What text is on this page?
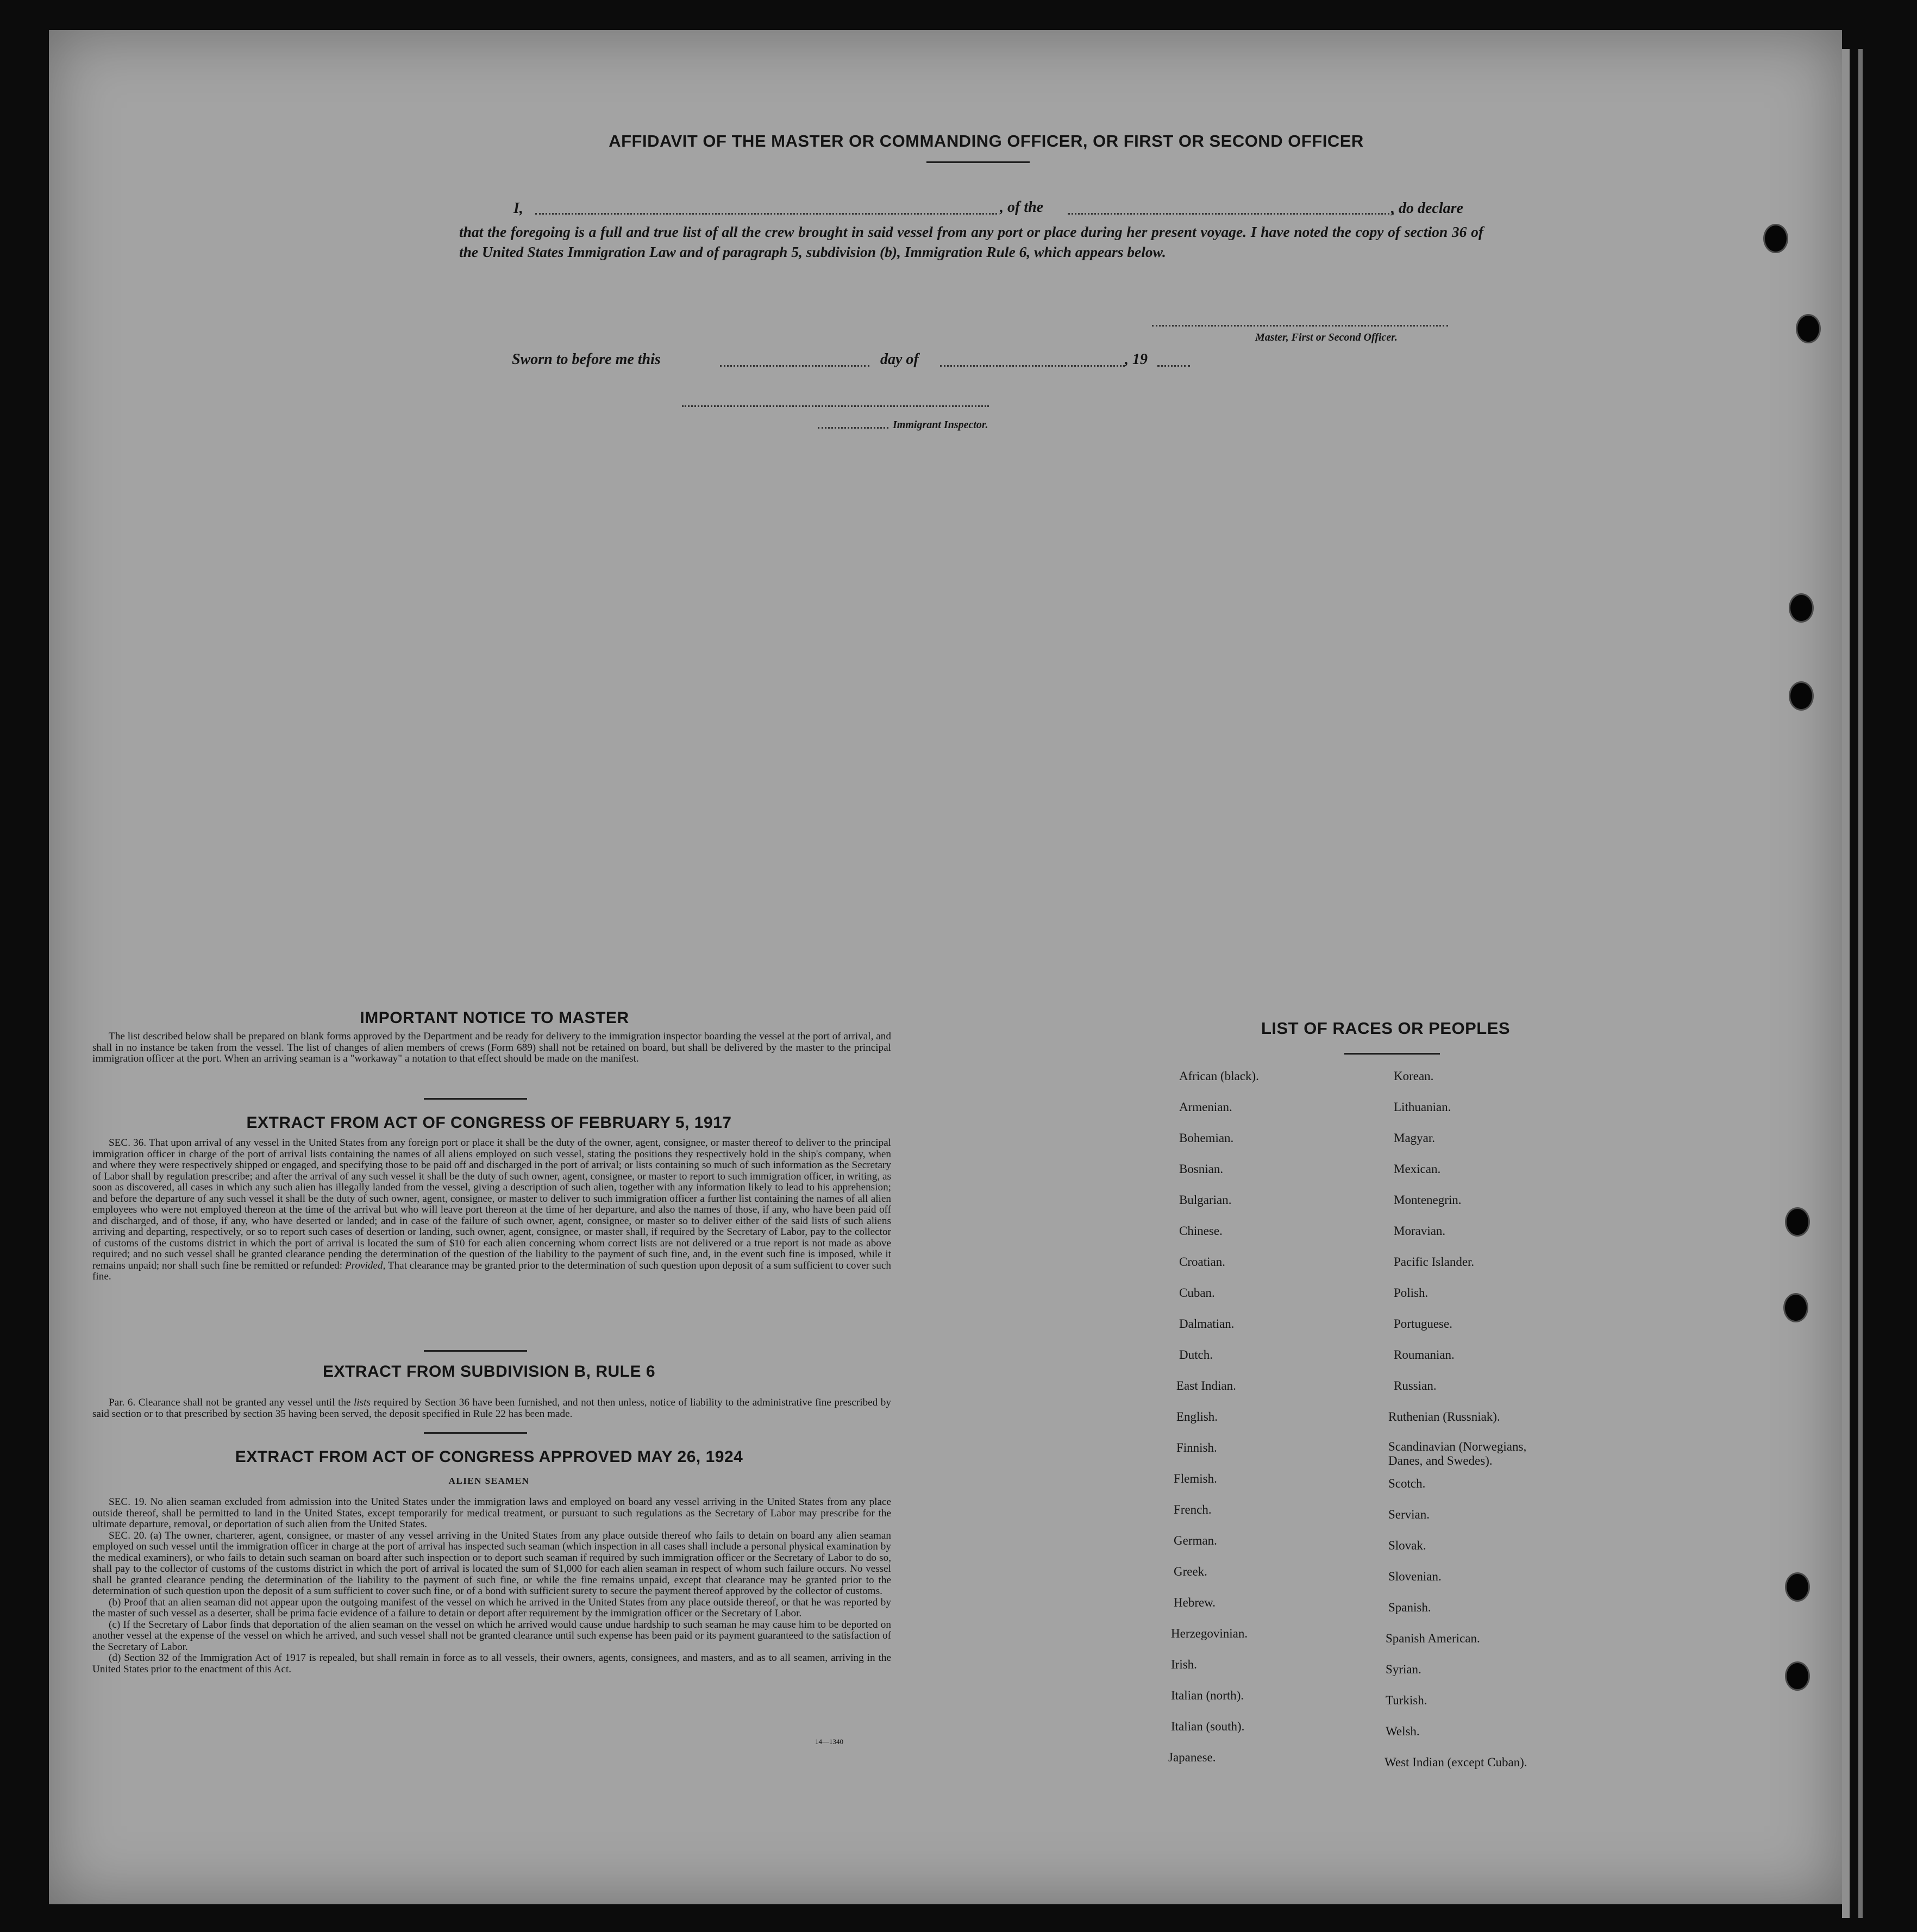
AFFIDAVIT OF THE MASTER OR COMMANDING OFFICER, OR FIRST OR SECOND OFFICER
I,	, of the	, do declare
that the foregoing is a full and true list of all the crew brought in said vessel from any port or place during her present voyage. I have noted the copy of section 36 of the United States Immigration Law and of paragraph 5, subdivision (b), Immigration Rule 6, which appears below.
Master, First or Second Officer.
Sworn to before me this	day of	, 19
Immigrant Inspector.
IMPORTANT NOTICE TO MASTER

The list described below shall be prepared on blank forms approved by the Department and be ready for delivery to the immigration inspector boarding the vessel at the port of arrival, and shall in no instance be taken from the vessel. The list of changes of alien members of crews (Form 689) shall not be retained on board, but shall be delivered by the master to the principal immigration officer at the port. When an arriving seaman is a "workaway" a notation to that effect should be made on the manifest.

EXTRACT FROM ACT OF CONGRESS OF FEBRUARY 5, 1917

SEC. 36. That upon arrival of any vessel in the United States from any foreign port or place it shall be the duty of the owner, agent, consignee, or master thereof to deliver to the principal immigration officer in charge of the port of arrival lists containing the names of all aliens employed on such vessel, stating the positions they respectively hold in the ship's company, when and where they were respectively shipped or engaged, and specifying those to be paid off and discharged in the port of arrival; or lists containing so much of such information as the Secretary of Labor shall by regulation prescribe; and after the arrival of any such vessel it shall be the duty of such owner, agent, consignee, or master to report to such immigration officer, in writing, as soon as discovered, all cases in which any such alien has illegally landed from the vessel, giving a description of such alien, together with any information likely to lead to his apprehension; and before the departure of any such vessel it shall be the duty of such owner, agent, consignee, or master to deliver to such immigration officer a further list containing the names of all alien employees who were not employed thereon at the time of the arrival but who will leave port thereon at the time of her departure, and also the names of those, if any, who have been paid off and discharged, and of those, if any, who have deserted or landed; and in case of the failure of such owner, agent, consignee, or master so to deliver either of the said lists of such aliens arriving and departing, respectively, or so to report such cases of desertion or landing, such owner, agent, consignee, or master shall, if required by the Secretary of Labor, pay to the collector of customs of the customs district in which the port of arrival is located the sum of $10 for each alien concerning whom correct lists are not delivered or a true report is not made as above required; and no such vessel shall be granted clearance pending the determination of the question of the liability to the payment of such fine, and, in the event such fine is imposed, while it remains unpaid; nor shall such fine be remitted or refunded: Provided, That clearance may be granted prior to the determination of such question upon deposit of a sum sufficient to cover such fine.

EXTRACT FROM SUBDIVISION B, RULE 6

Par. 6. Clearance shall not be granted any vessel until the lists required by Section 36 have been furnished, and not then unless, notice of liability to the administrative fine prescribed by said section or to that prescribed by section 35 having been served, the deposit specified in Rule 22 has been made.

EXTRACT FROM ACT OF CONGRESS APPROVED MAY 26, 1924
ALIEN SEAMEN

SEC. 19. No alien seaman excluded from admission into the United States under the immigration laws and employed on board any vessel arriving in the United States from any place outside thereof, shall be permitted to land in the United States, except temporarily for medical treatment, or pursuant to such regulations as the Secretary of Labor may prescribe for the ultimate departure, removal, or deportation of such alien from the United States.

SEC. 20. (a) The owner, charterer, agent, consignee, or master of any vessel arriving in the United States from any place outside thereof who fails to detain on board any alien seaman employed on such vessel until the immigration officer in charge at the port of arrival has inspected such seaman (which inspection in all cases shall include a personal physical examination by the medical examiners), or who fails to detain such seaman on board after such inspection or to deport such seaman if required by such immigration officer or the Secretary of Labor to do so, shall pay to the collector of customs of the customs district in which the port of arrival is located the sum of $1,000 for each alien seaman in respect of whom such failure occurs. No vessel shall be granted clearance pending the determination of the liability to the payment of such fine, or while the fine remains unpaid, except that clearance may be granted prior to the determination of such question upon the deposit of a sum sufficient to cover such fine, or of a bond with sufficient surety to secure the payment thereof approved by the collector of customs.

(b) Proof that an alien seaman did not appear upon the outgoing manifest of the vessel on which he arrived in the United States from any place outside thereof, or that he was reported by the master of such vessel as a deserter, shall be prima facie evidence of a failure to detain or deport after requirement by the immigration officer or the Secretary of Labor.

(c) If the Secretary of Labor finds that deportation of the alien seaman on the vessel on which he arrived would cause undue hardship to such seaman he may cause him to be deported on another vessel at the expense of the vessel on which he arrived, and such vessel shall not be granted clearance until such expense has been paid or its payment guaranteed to the satisfaction of the Secretary of Labor.

(d) Section 32 of the Immigration Act of 1917 is repealed, but shall remain in force as to all vessels, their owners, agents, consignees, and masters, and as to all seamen, arriving in the United States prior to the enactment of this Act.

14—1340
LIST OF RACES OR PEOPLES
African (black).
Armenian.
Bohemian.
Bosnian.
Bulgarian.
Chinese.
Croatian.
Cuban.
Dalmatian.
Dutch.
East Indian.
English.
Finnish.
Flemish.
French.
German.
Greek.
Hebrew.
Herzegovinian.
Irish.
Italian (north).
Italian (south).
Japanese.
Korean.
Lithuanian.
Magyar.
Mexican.
Montenegrin.
Moravian.
Pacific Islander.
Polish.
Portuguese.
Roumanian.
Russian.
Ruthenian (Russniak).
Scandinavian (Norwegians, Danes, and Swedes).
Scotch.
Servian.
Slovak.
Slovenian.
Spanish.
Spanish American.
Syrian.
Turkish.
Welsh.
West Indian (except Cuban).
